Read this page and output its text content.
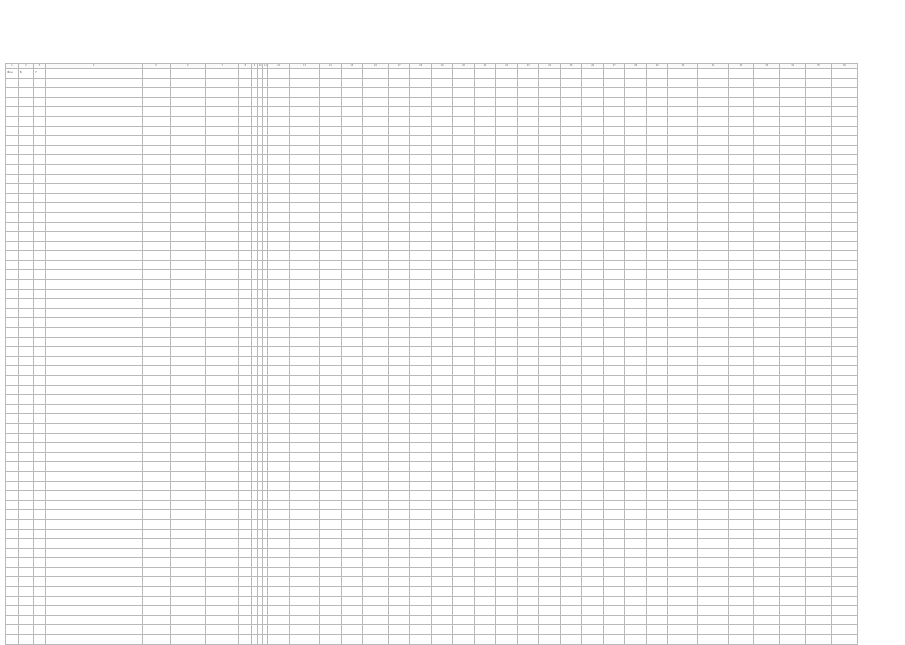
1	2	3	4	5	6	7	8	9	10	11	12	13	14	15	16	17	18	19	20	21	22	23	24	25	26	27	28	29	30	31	32	33	34	35	36
Фон	8	7																																	
